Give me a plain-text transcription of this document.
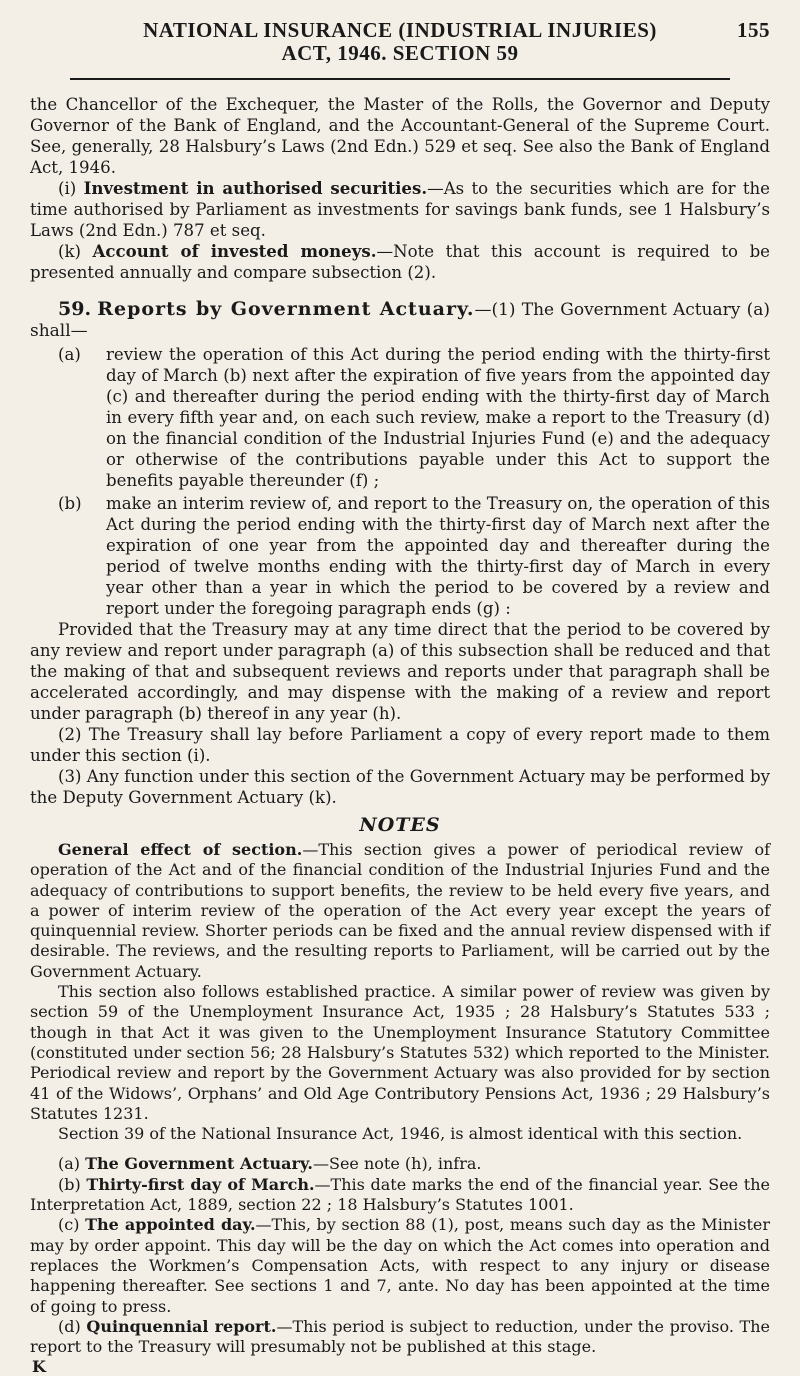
NATIONAL INSURANCE (INDUSTRIAL INJURIES)	155
ACT, 1946. SECTION 59

the Chancellor of the Exchequer, the Master of the Rolls, the Governor and Deputy Governor of the Bank of England, and the Accountant-General of the Supreme Court. See, generally, 28 Halsbury’s Laws (2nd Edn.) 529 et seq. See also the Bank of England Act, 1946.

(i) Investment in authorised securities.—As to the securities which are for the time authorised by Parliament as investments for savings bank funds, see 1 Halsbury’s Laws (2nd Edn.) 787 et seq.

(k) Account of invested moneys.—Note that this account is required to be presented annually and compare subsection (2).

59. Reports by Government Actuary.—(1) The Government Actuary (a) shall—

(a)	review the operation of this Act during the period ending with the thirty-first day of March (b) next after the expiration of five years from the appointed day (c) and thereafter during the period ending with the thirty-first day of March in every fifth year and, on each such review, make a report to the Treasury (d) on the financial condition of the Industrial Injuries Fund (e) and the adequacy or otherwise of the contributions payable under this Act to support the benefits payable thereunder (f) ;

(b)	make an interim review of, and report to the Treasury on, the operation of this Act during the period ending with the thirty-first day of March next after the expiration of one year from the appointed day and thereafter during the period of twelve months ending with the thirty-first day of March in every year other than a year in which the period to be covered by a review and report under the foregoing paragraph ends (g) :

Provided that the Treasury may at any time direct that the period to be covered by any review and report under paragraph (a) of this subsection shall be reduced and that the making of that and subsequent reviews and reports under that paragraph shall be accelerated accordingly, and may dispense with the making of a review and report under paragraph (b) thereof in any year (h).

(2) The Treasury shall lay before Parliament a copy of every report made to them under this section (i).

(3) Any function under this section of the Government Actuary may be performed by the Deputy Government Actuary (k).

NOTES

General effect of section.—This section gives a power of periodical review of operation of the Act and of the financial condition of the Industrial Injuries Fund and the adequacy of contributions to support benefits, the review to be held every five years, and a power of interim review of the operation of the Act every year except the years of quinquennial review. Shorter periods can be fixed and the annual review dispensed with if desirable. The reviews, and the resulting reports to Parliament, will be carried out by the Government Actuary.

This section also follows established practice. A similar power of review was given by section 59 of the Unemployment Insurance Act, 1935 ; 28 Halsbury’s Statutes 533 ; though in that Act it was given to the Unemployment Insurance Statutory Committee (constituted under section 56; 28 Halsbury’s Statutes 532) which reported to the Minister. Periodical review and report by the Government Actuary was also provided for by section 41 of the Widows’, Orphans’ and Old Age Contributory Pensions Act, 1936 ; 29 Halsbury’s Statutes 1231.

Section 39 of the National Insurance Act, 1946, is almost identical with this section.

(a) The Government Actuary.—See note (h), infra.

(b) Thirty-first day of March.—This date marks the end of the financial year. See the Interpretation Act, 1889, section 22 ; 18 Halsbury’s Statutes 1001.

(c) The appointed day.—This, by section 88 (1), post, means such day as the Minister may by order appoint. This day will be the day on which the Act comes into operation and replaces the Workmen’s Compensation Acts, with respect to any injury or disease happening thereafter. See sections 1 and 7, ante. No day has been appointed at the time of going to press.

(d) Quinquennial report.—This period is subject to reduction, under the proviso. The report to the Treasury will presumably not be published at this stage.

K
